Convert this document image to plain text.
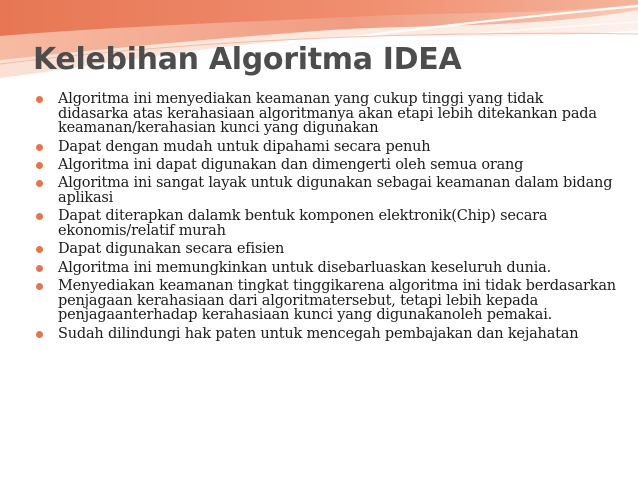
Kelebihan Algoritma IDEA
Algoritma ini menyediakan keamanan yang cukup tinggi yang tidak didasarka atas kerahasiaan algoritmanya akan etapi lebih ditekankan pada keamanan/kerahasian kunci yang digunakan
Dapat dengan mudah untuk dipahami secara penuh
Algoritma ini dapat digunakan dan dimengerti oleh semua orang
Algoritma ini sangat layak untuk digunakan sebagai keamanan dalam bidang aplikasi
Dapat diterapkan dalamk bentuk komponen elektronik(Chip) secara ekonomis/relatif murah
Dapat digunakan secara efisien
Algoritma ini memungkinkan untuk disebarluaskan keseluruh dunia.
Menyediakan keamanan tingkat tinggikarena algoritma ini tidak berdasarkan penjagaan kerahasiaan dari algoritmatersebut, tetapi lebih kepada penjagaanterhadap kerahasiaan kunci yang digunakanoleh pemakai.
Sudah dilindungi hak paten untuk mencegah pembajakan dan kejahatan
